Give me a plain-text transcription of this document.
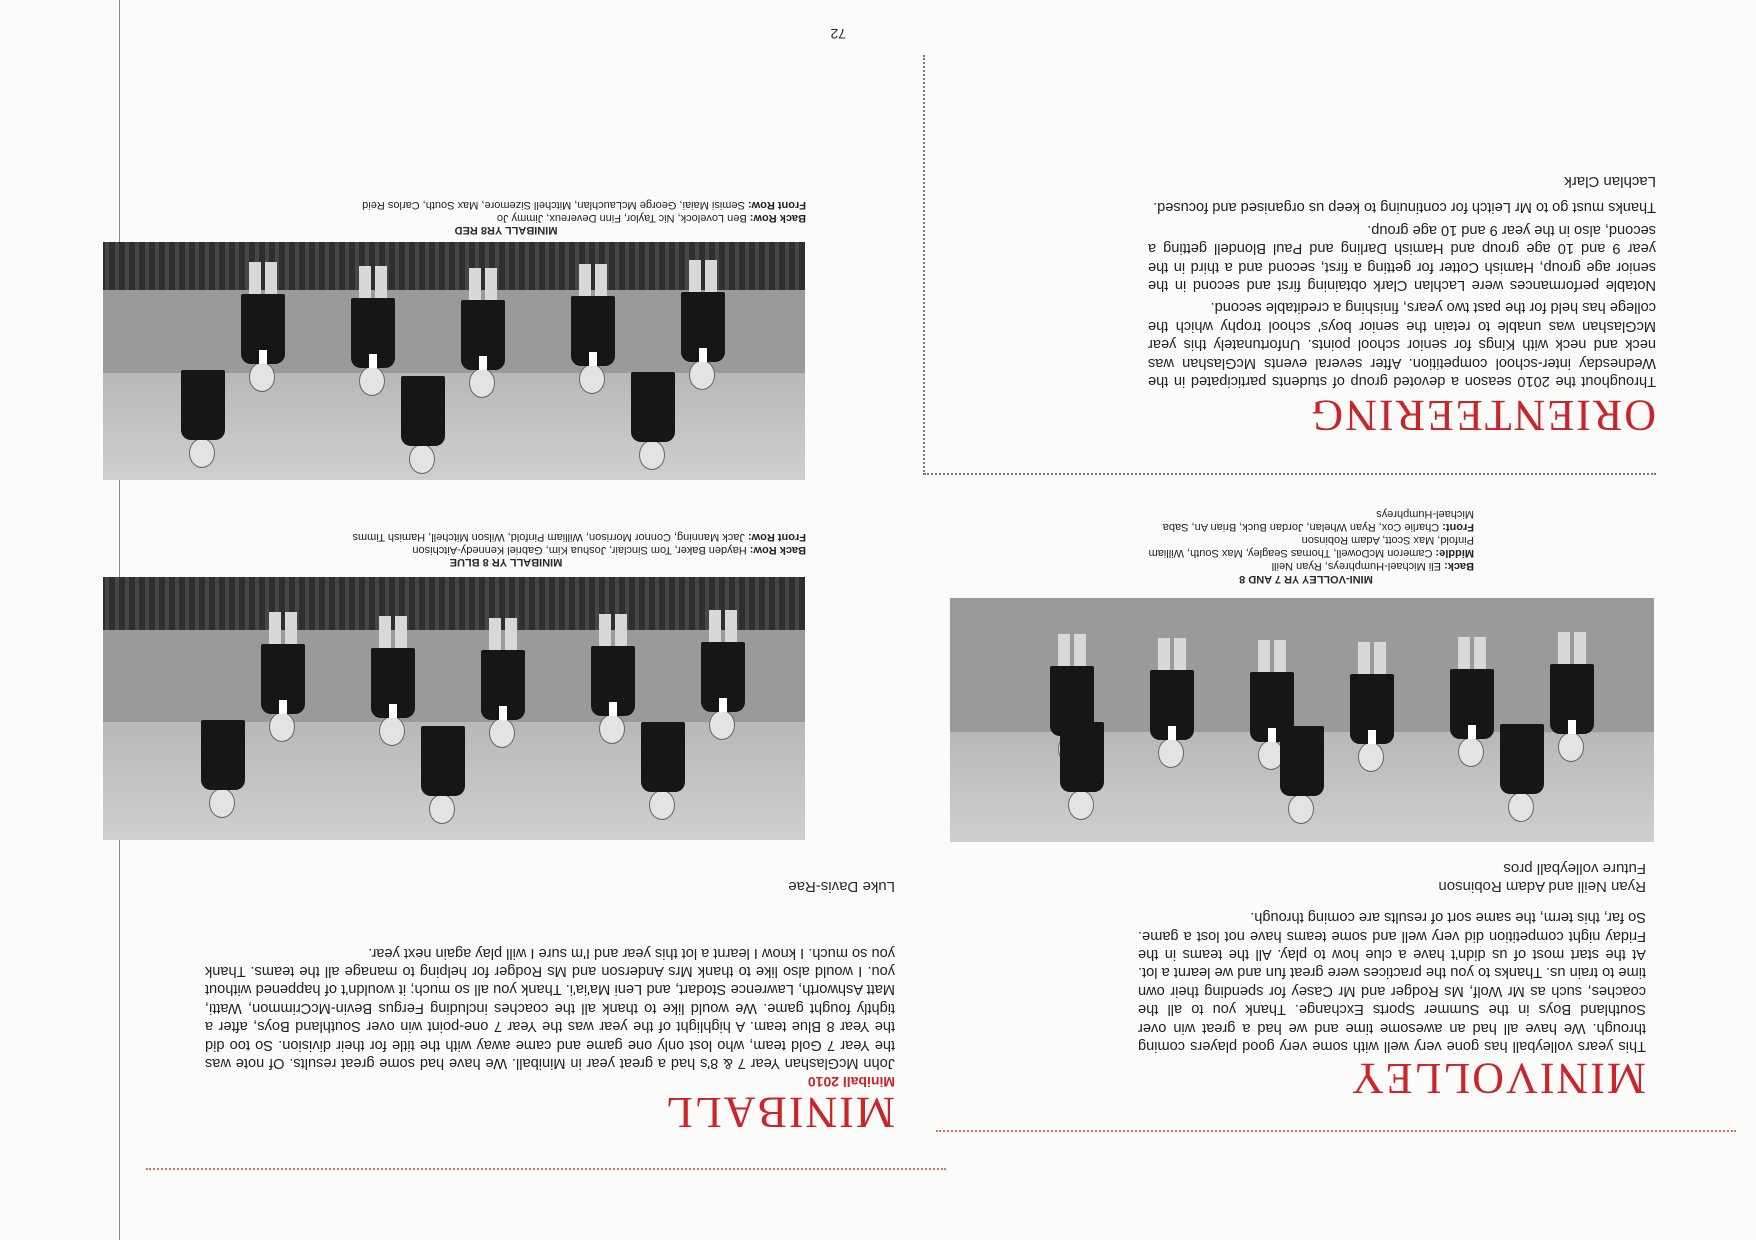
72
ORIENTEERING

Throughout the 2010 season a devoted group of students participated in the Wednesday inter-school competition. After several events McGlashan was neck and neck with Kings for senior school points. Unfortunately this year McGlashan was unable to retain the senior boys' school trophy which the college has held for the past two years, finishing a creditable second.

Notable performances were Lachlan Clark obtaining first and second in the senior age group, Hamish Cotter for getting a first, second and a third in the year 9 and 10 age group and Hamish Darling and Paul Blondell getting a second, also in the year 9 and 10 age group.

Thanks must go to Mr Leitch for continuing to keep us organised and focused.

Lachlan Clark

MINI-VOLLEY YR 7 AND 8
Back: Eli Michael-Humphreys, Ryan Neill
Middle: Cameron McDowell, Thomas Seagley, Max South, William Pinfold, Max Scott, Adam Robinson
Front: Charlie Cox, Ryan Whelan, Jordan Buck, Brian An, Saba Michael-Humphreys
MINIVOLLEY
This years volleyball has gone very well with some very good players coming through. We have all had an awesome time and we had a great win over Southland Boys in the Summer Sports Exchange. Thank you to all the coaches, such as Mr Wolf, Ms Rodger and Mr Casey for spending their own time to train us. Thanks to you the practices were great fun and we learnt a lot. At the start most of us didn't have a clue how to play. All the teams in the Friday night competition did very well and some teams have not lost a game. So far, this term, the same sort of results are coming through.
Ryan Neill and Adam Robinson
Future volleyball pros
MINIBALL YR8 RED
Back Row: Ben Lovelock, Nic Taylor, Finn Devereux, Jimmy Jo
Front Row: Semisi Maiai, George McLauchlan, Mitchell Sizemore, Max South, Carlos Reid
MINIBALL YR 8 BLUE
Back Row: Hayden Baker, Tom Sinclair, Joshua Kim, Gabriel Kennedy-Aitchison
Front Row: Jack Manning, Connor Morrison, William Pinfold, Wilson Mitchell, Hamish Timms
MINIBALL
Miniball 2010
John McGlashan Year 7 & 8's had a great year in Miniball. We have had some great results. Of note was the Year 7 Gold team, who lost only one game and came away with the title for their division. So too did the Year 8 Blue team. A highlight of the year was the Year 7 one-point win over Southland Boys, after a tightly fought game. We would like to thank all the coaches including Fergus Bevin-McCrimmon, Watti, Matt Ashworth, Lawrence Stodart, and Leni Ma'ia'i. Thank you all so much; it wouldn't of happened without you. I would also like to thank Mrs Anderson and Ms Rodger for helping to manage all the teams. Thank you so much. I know I learnt a lot this year and I'm sure I will play again next year.
Luke Davis-Rae
